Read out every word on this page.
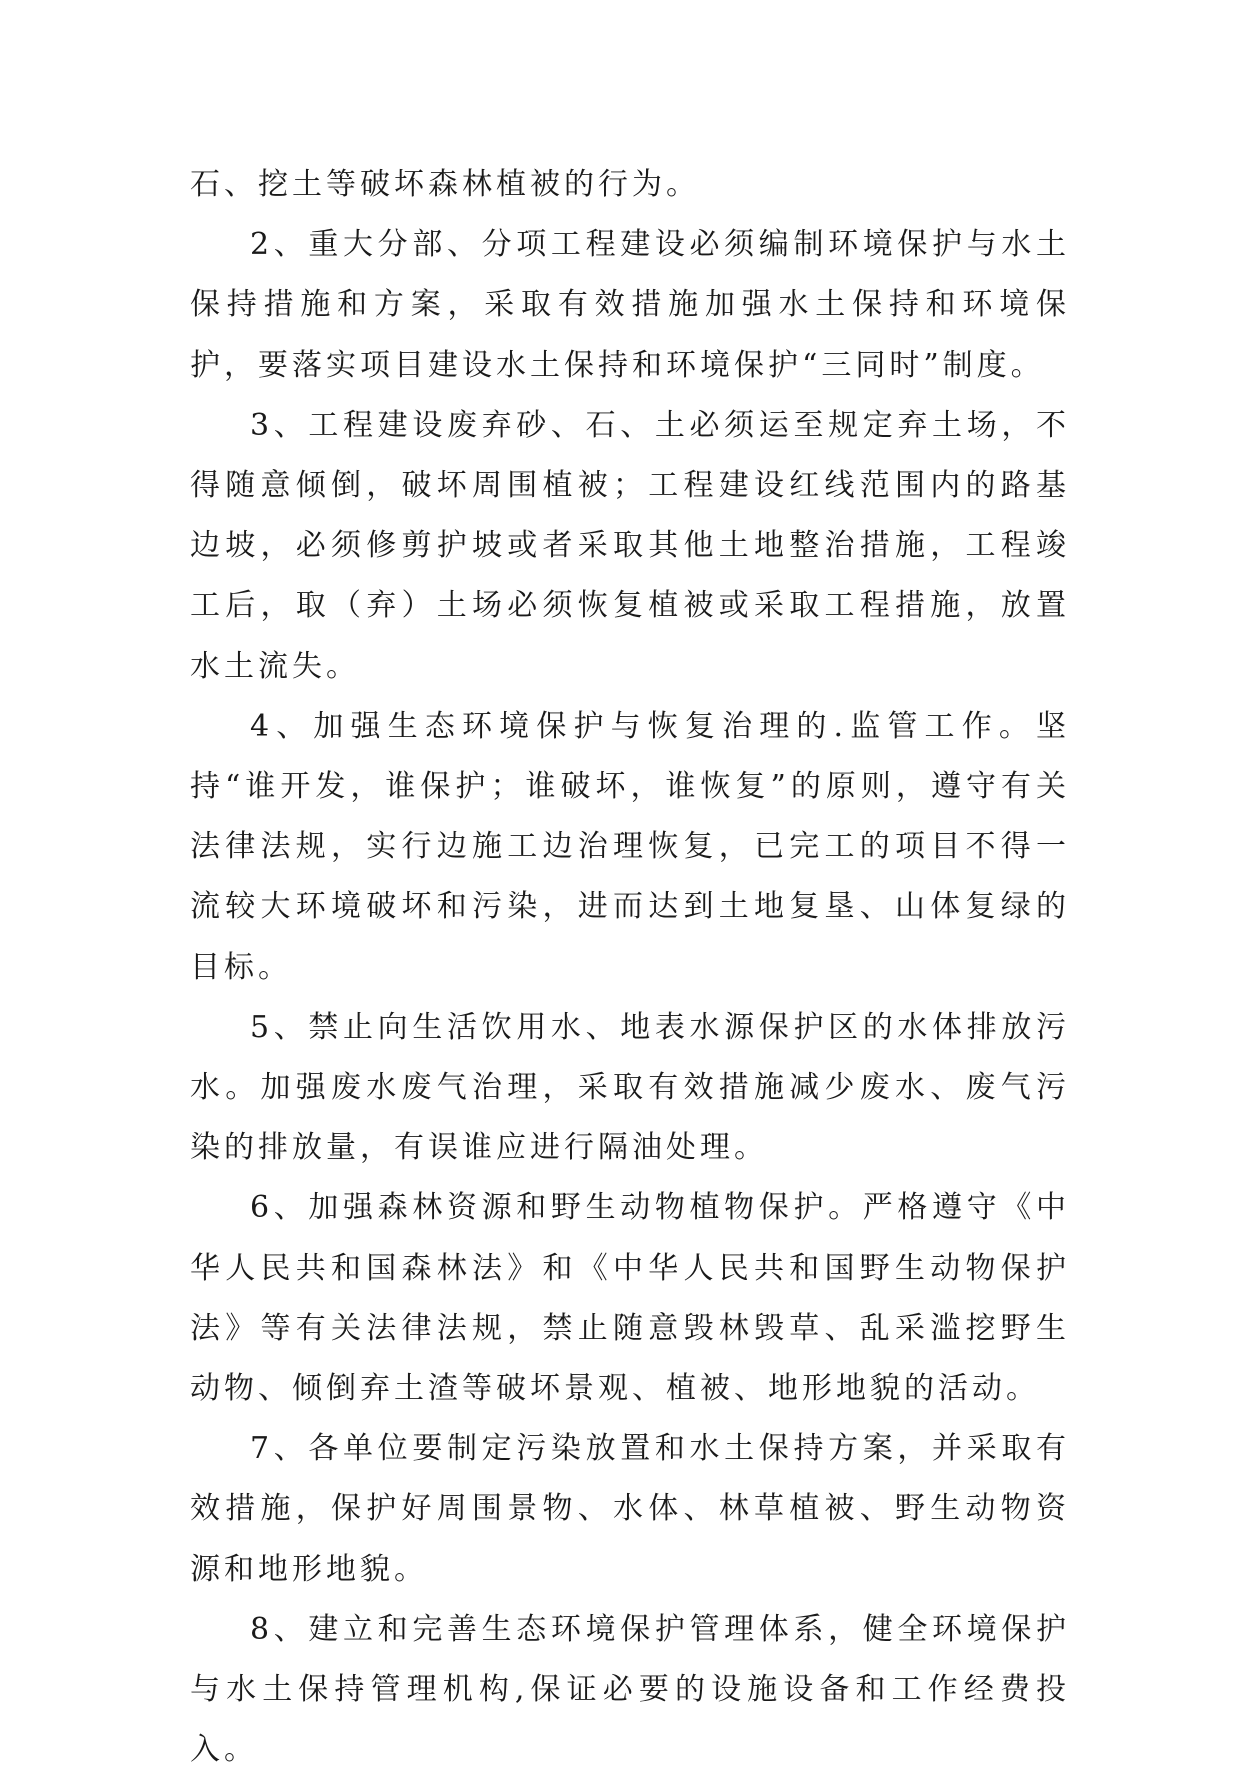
石、挖土等破坏森林植被的行为。

2、重大分部、分项工程建设必须编制环境保护与水土保持措施和方案，采取有效措施加强水土保持和环境保护，要落实项目建设水土保持和环境保护“三同时”制度。

3、工程建设废弃砂、石、土必须运至规定弃土场，不得随意倾倒，破坏周围植被；工程建设红线范围内的路基边坡，必须修剪护坡或者采取其他土地整治措施，工程竣工后，取（弃）土场必须恢复植被或采取工程措施，放置水土流失。

4、加强生态环境保护与恢复治理的.监管工作。坚持“谁开发，谁保护；谁破坏，谁恢复”的原则，遵守有关法律法规，实行边施工边治理恢复，已完工的项目不得一流较大环境破坏和污染，进而达到土地复垦、山体复绿的目标。

5、禁止向生活饮用水、地表水源保护区的水体排放污水。加强废水废气治理，采取有效措施减少废水、废气污染的排放量，有误谁应进行隔油处理。

6、加强森林资源和野生动物植物保护。严格遵守《中华人民共和国森林法》和《中华人民共和国野生动物保护法》等有关法律法规，禁止随意毁林毁草、乱采滥挖野生动物、倾倒弃土渣等破坏景观、植被、地形地貌的活动。

7、各单位要制定污染放置和水土保持方案，并采取有效措施，保护好周围景物、水体、林草植被、野生动物资源和地形地貌。

8、建立和完善生态环境保护管理体系，健全环境保护与水土保持管理机构,保证必要的设施设备和工作经费投入。
